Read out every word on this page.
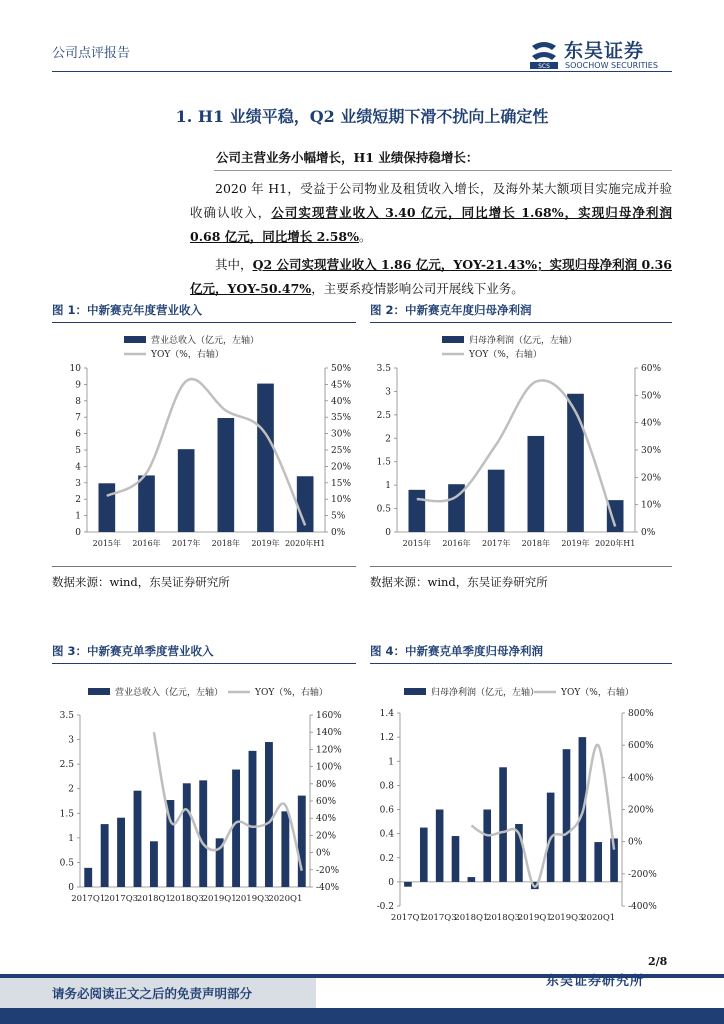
公司点评报告
SCS
东吴证券
SOOCHOW SECURITIES
1. H1 业绩平稳，Q2 业绩短期下滑不扰向上确定性
公司主营业务小幅增长，H1 业绩保持稳增长：
2020 年 H1，受益于公司物业及租赁收入增长，及海外某大额项目实施完成并验收确认收入，公司实现营业收入 3.40 亿元，同比增长 1.68%，实现归母净利润 0.68 亿元，同比增长 2.58%。
其中，Q2 公司实现营业收入 1.86 亿元，YOY-21.43%；实现归母净利润 0.36 亿元，YOY-50.47%，主要系疫情影响公司开展线下业务。
图 1：中新赛克年度营业收入	图 2：中新赛克年度归母净利润
营业总收入（亿元，左轴）
YOY（%，右轴）
0
1
2
3
4
5
6
7
8
9
10
0%
5%
10%
15%
20%
25%
30%
35%
40%
45%
50%
2015年 2016年 2017年 2018年 2019年 2020年H1
归母净利润（亿元，左轴）
YOY（%，右轴）
0
0.5
1
1.5
2
2.5
3
3.5
0%
10%
20%
30%
40%
50%
60%
2015年 2016年 2017年 2018年 2019年 2020年H1
数据来源：wind，东吴证券研究所	数据来源：wind，东吴证券研究所
图 3：中新赛克单季度营业收入	图 4：中新赛克单季度归母净利润
营业总收入（亿元，左轴）	YOY（%，右轴）
0
0.5
1
1.5
2
2.5
3
3.5
-40%
-20%
0%
20%
40%
60%
80%
100%
120%
140%
160%
2017Q1
2017Q3
2018Q1
2018Q3
2019Q1
2019Q3
2020Q1
归母净利润（亿元，左轴） YOY（%，右轴）
-0.2
0
0.2
0.4
0.6
0.8
1
1.2
1.4
-400%
-200%
0%
200%
400%
600%
800%
2017Q1
2017Q3
2018Q1
2018Q3
2019Q1
2019Q3
2020Q1
2/8
请务必阅读正文之后的免责声明部分
东吴证券研究所
